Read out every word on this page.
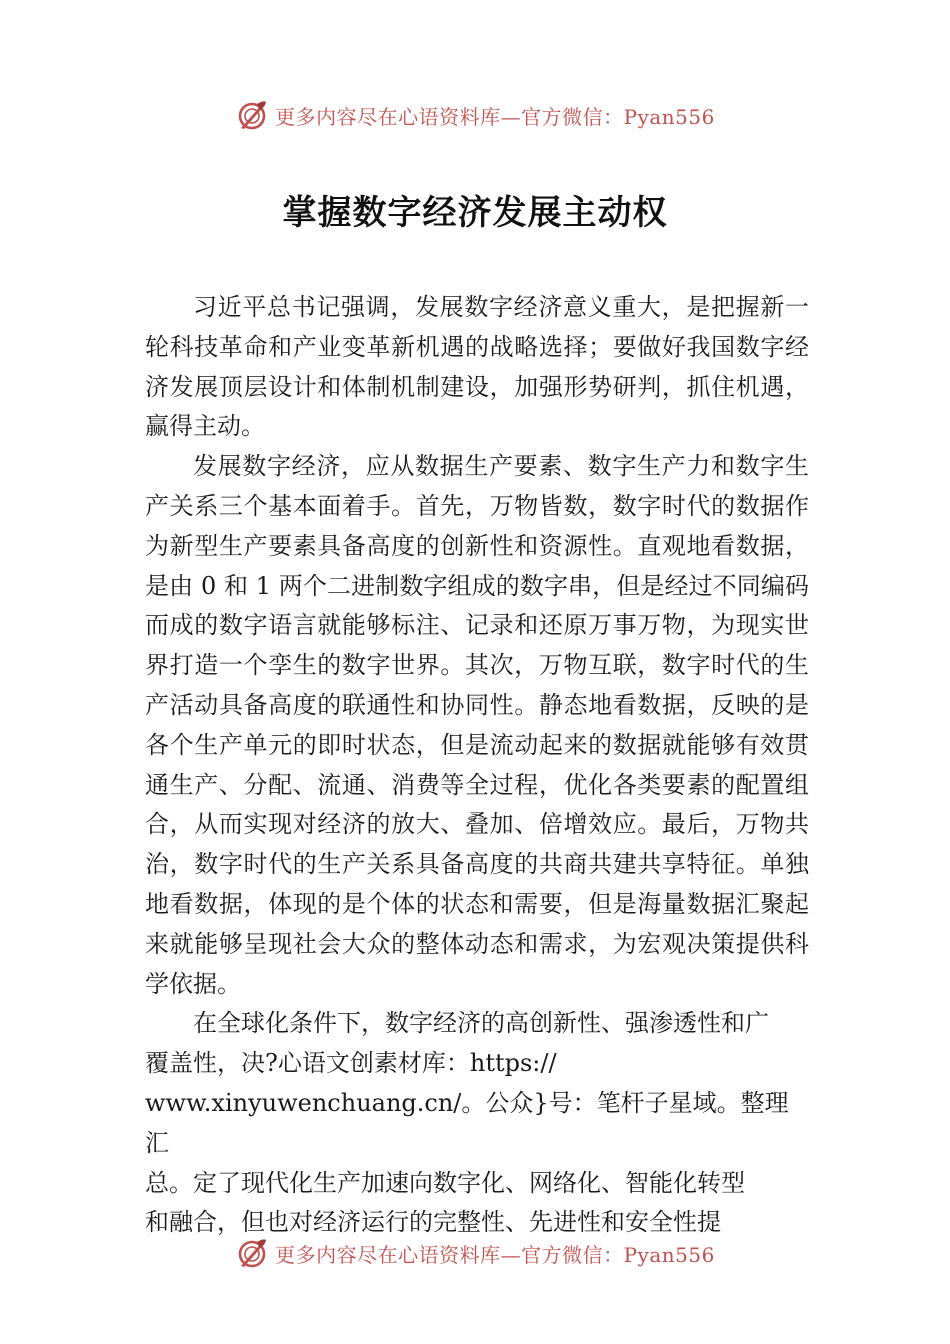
更多内容尽在心语资料库—官方微信：Pyan556
掌握数字经济发展主动权

习近平总书记强调，发展数字经济意义重大，是把握新一轮科技革命和产业变革新机遇的战略选择；要做好我国数字经济发展顶层设计和体制机制建设，加强形势研判，抓住机遇，赢得主动。

发展数字经济，应从数据生产要素、数字生产力和数字生产关系三个基本面着手。首先，万物皆数，数字时代的数据作为新型生产要素具备高度的创新性和资源性。直观地看数据，是由 0 和 1 两个二进制数字组成的数字串，但是经过不同编码而成的数字语言就能够标注、记录和还原万事万物，为现实世界打造一个孪生的数字世界。其次，万物互联，数字时代的生产活动具备高度的联通性和协同性。静态地看数据，反映的是各个生产单元的即时状态，但是流动起来的数据就能够有效贯通生产、分配、流通、消费等全过程，优化各类要素的配置组合，从而实现对经济的放大、叠加、倍增效应。最后，万物共治，数字时代的生产关系具备高度的共商共建共享特征。单独地看数据，体现的是个体的状态和需要，但是海量数据汇聚起来就能够呈现社会大众的整体动态和需求，为宏观决策提供科学依据。

在全球化条件下，数字经济的高创新性、强渗透性和广

覆盖性，决?心语文创素材库：https://
www.xinyuwenchuang.cn/。公众}号：笔杆子星域。整理汇
总。定了现代化生产加速向数字化、网络化、智能化转型
和融合，但也对经济运行的完整性、先进性和安全性提
更多内容尽在心语资料库—官方微信：Pyan556
